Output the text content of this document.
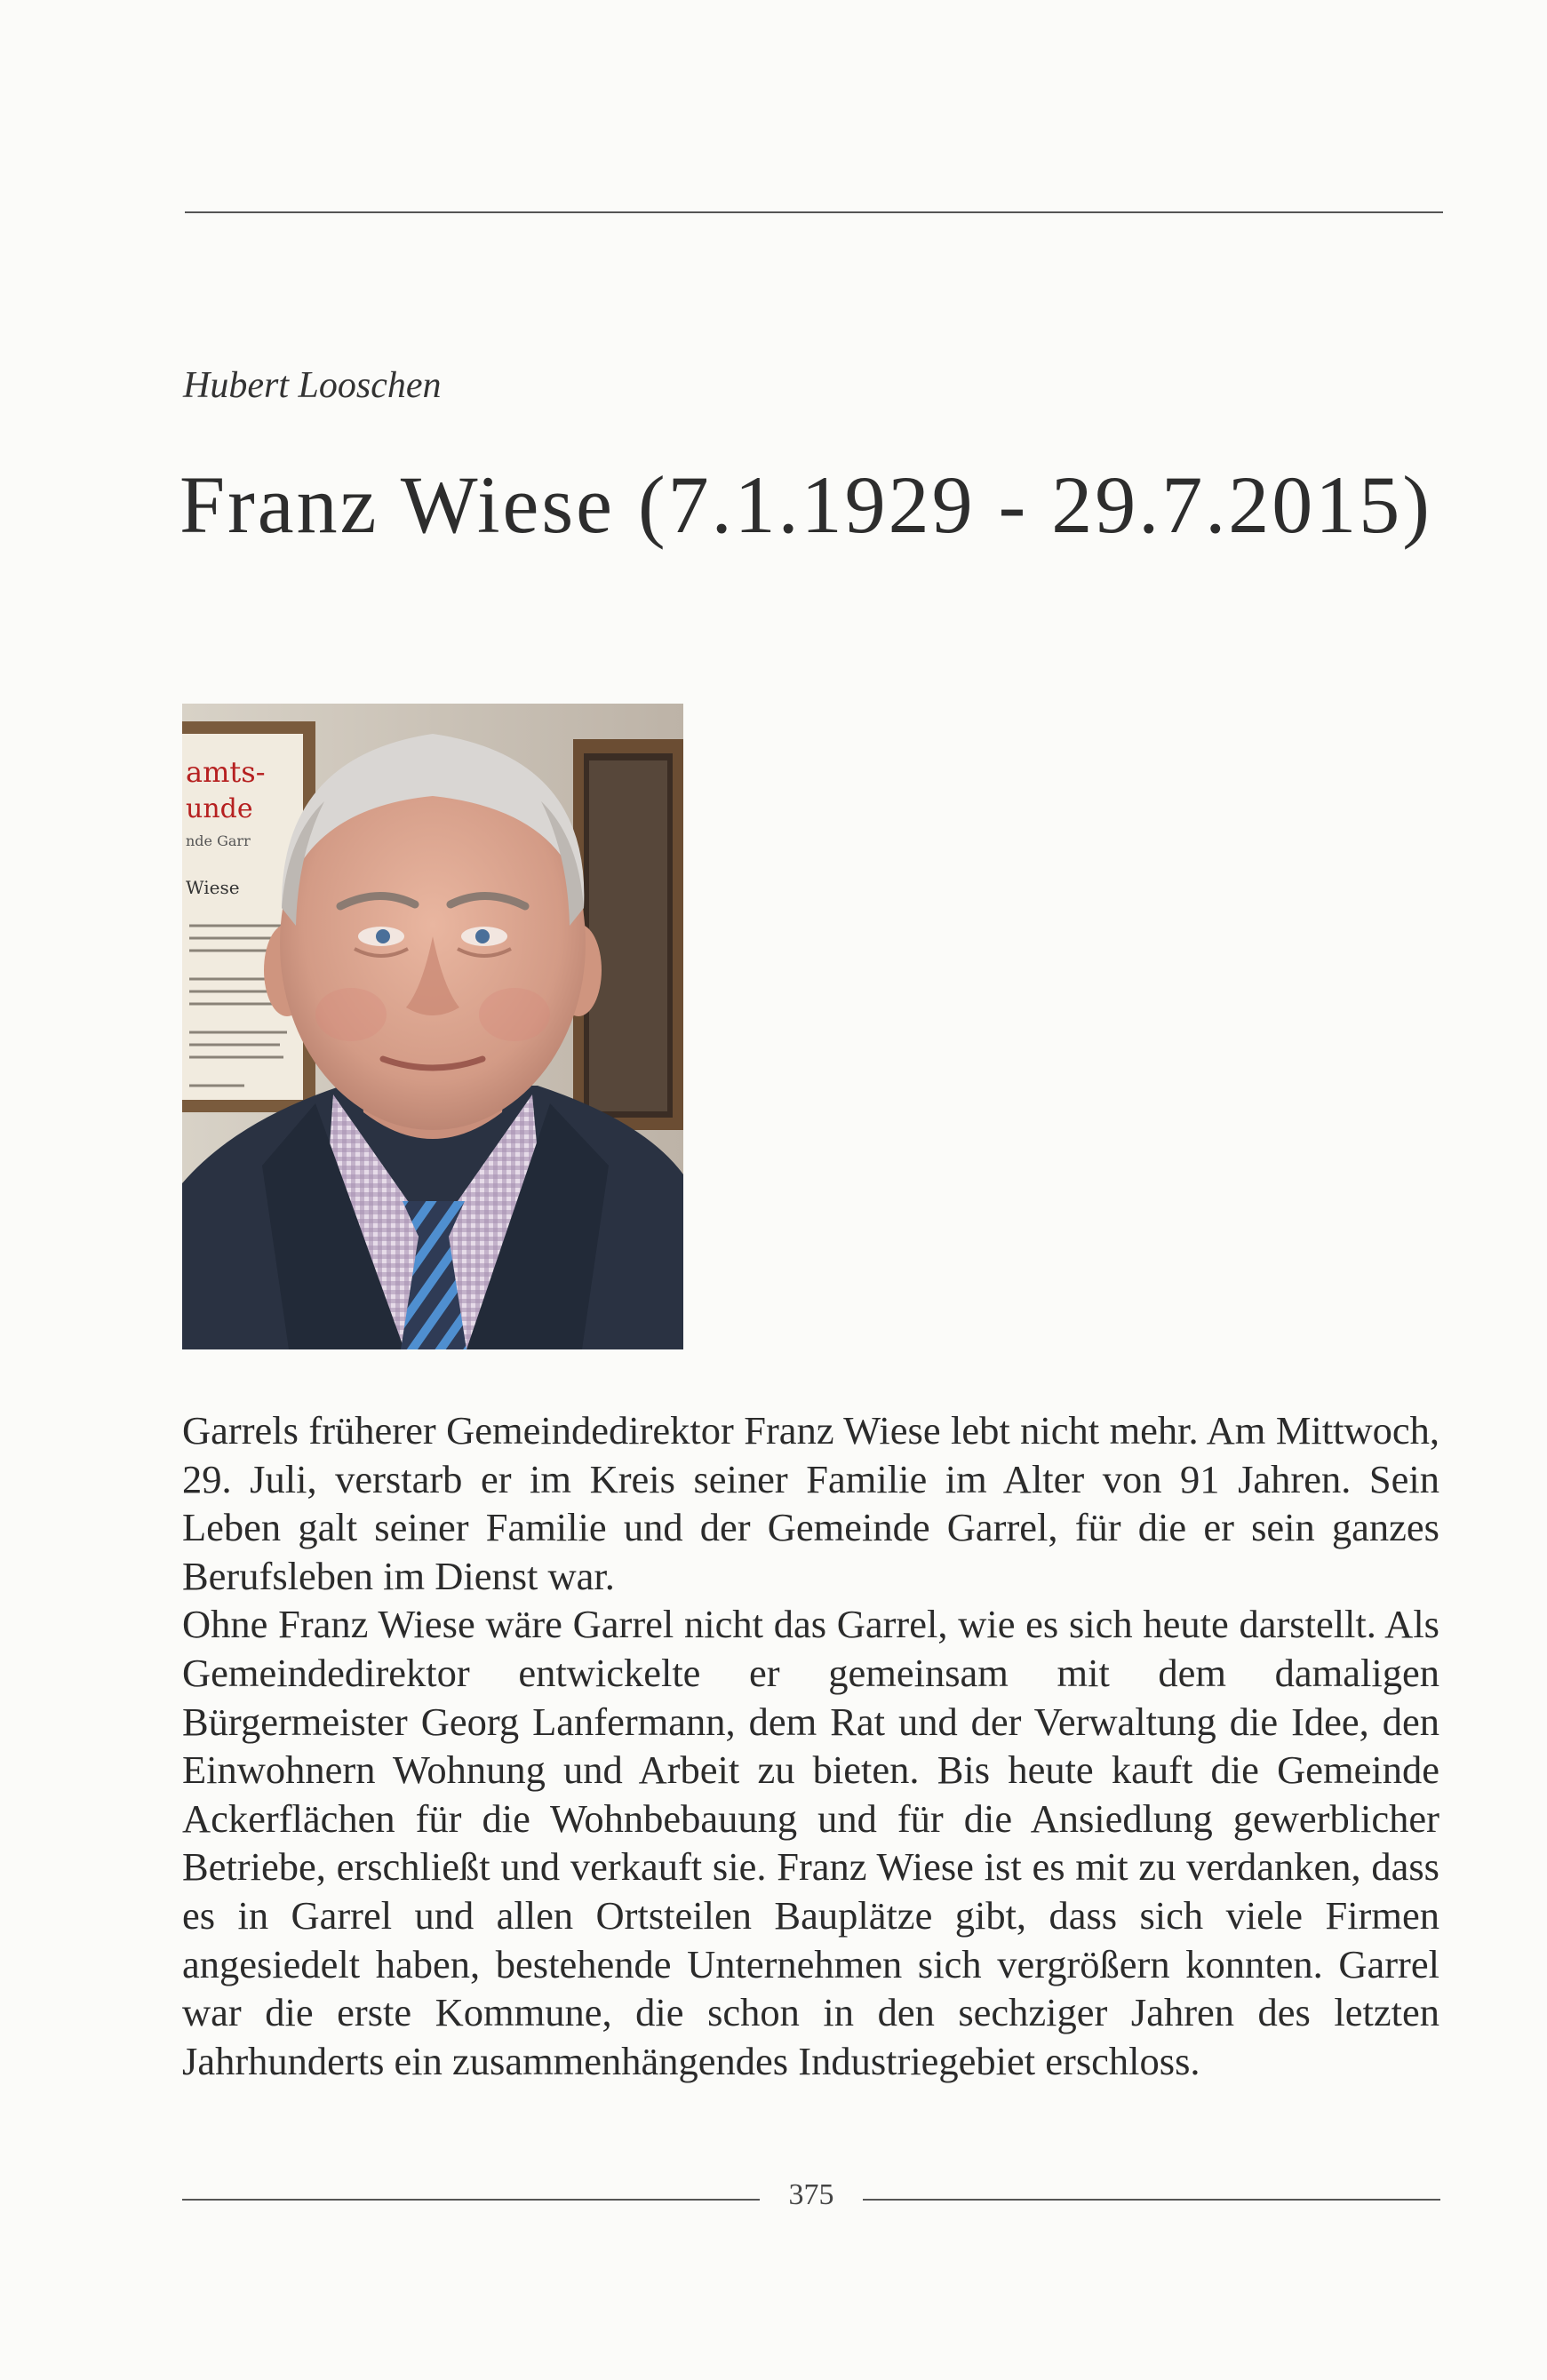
Hubert Looschen
Franz Wiese (7.1.1929 - 29.7.2015)
amts-
unde
nde Garr
Wiese

Garrels früherer Gemeindedirektor Franz Wiese lebt nicht mehr. Am Mittwoch, 29. Juli, verstarb er im Kreis seiner Familie im Alter von 91 Jahren. Sein Leben galt seiner Familie und der Gemeinde Garrel, für die er sein ganzes Berufsleben im Dienst war.

Ohne Franz Wiese wäre Garrel nicht das Garrel, wie es sich heute darstellt. Als Gemeindedirektor entwickelte er gemeinsam mit dem damaligen Bürgermeister Georg Lanfermann, dem Rat und der Verwaltung die Idee, den Einwohnern Wohnung und Arbeit zu bieten. Bis heute kauft die Gemeinde Ackerflächen für die Wohnbebauung und für die Ansiedlung gewerblicher Betriebe, erschließt und verkauft sie. Franz Wiese ist es mit zu verdanken, dass es in Garrel und allen Ortsteilen Bauplätze gibt, dass sich viele Firmen angesiedelt haben, bestehende Unternehmen sich vergrößern konnten. Garrel war die erste Kommune, die schon in den sechziger Jahren des letzten Jahrhunderts ein zusammenhängendes Industriegebiet erschloss.

375
